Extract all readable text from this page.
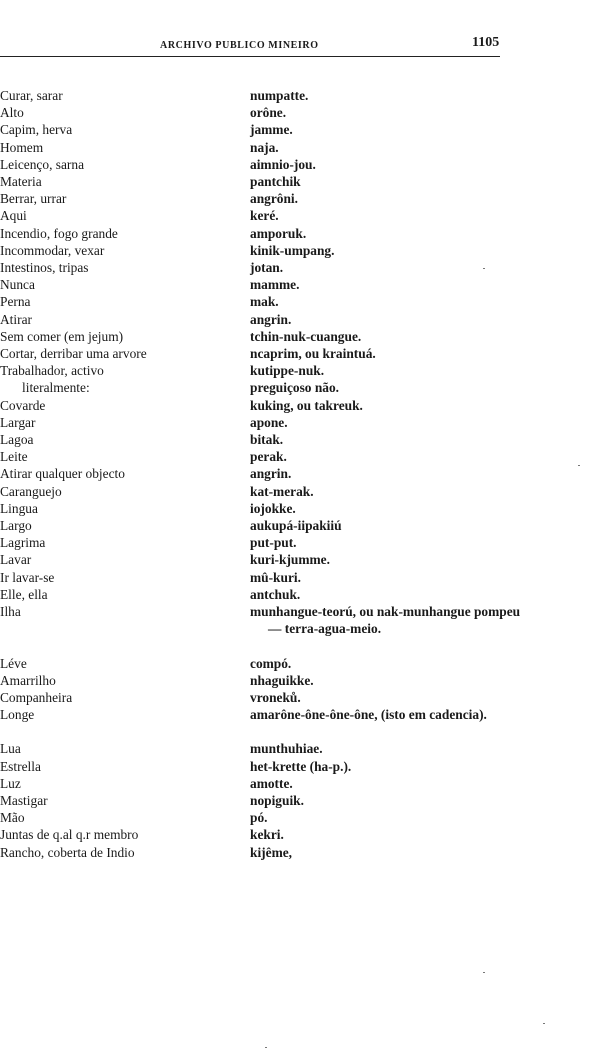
ARCHIVO PUBLICO MINEIRO	1105
Curar, sarar	numpatte.
Alto	orône.
Capim, herva	jamme.
Homem	naja.
Leicenço, sarna	aimnio-jou.
Materia	pantchik
Berrar, urrar	angrôni.
Aqui	keré.
Incendio, fogo grande	amporuk.
Incommodar, vexar	kinik-umpang.
Intestinos, tripas	jotan.
Nunca	mamme.
Perna	mak.
Atirar	angrin.
Sem comer (em jejum)	tchin-nuk-cuangue.
Cortar, derribar uma arvore	ncaprim, ou kraintuá.
Trabalhador, activo	kutippe-nuk.
literalmente:	preguiçoso não.
Covarde	kuking, ou takreuk.
Largar	apone.
Lagoa	bitak.
Leite	perak.
Atirar qualquer objecto	angrin.
Caranguejo	kat-merak.
Lingua	iojokke.
Largo	aukupá-iipakiiú
Lagrima	put-put.
Lavar	kuri-kjumme.
Ir lavar-se	mû-kuri.
Elle, ella	antchuk.
Ilha	munhangue-teorú, ou nak-munhangue pompeu — terra-agua-meio.
Léve	compó.
Amarrilho	nhaguikke.
Companheira	vroneků.
Longe	amarône-ône-ône-ône, (isto em cadencia).
Lua	munthuhiae.
Estrella	het-krette (ha-p.).
Luz	amotte.
Mastigar	nopiguik.
Mão	pó.
Juntas de q.al q.r membro	kekri.
Rancho, coberta de Indio	kijême,
